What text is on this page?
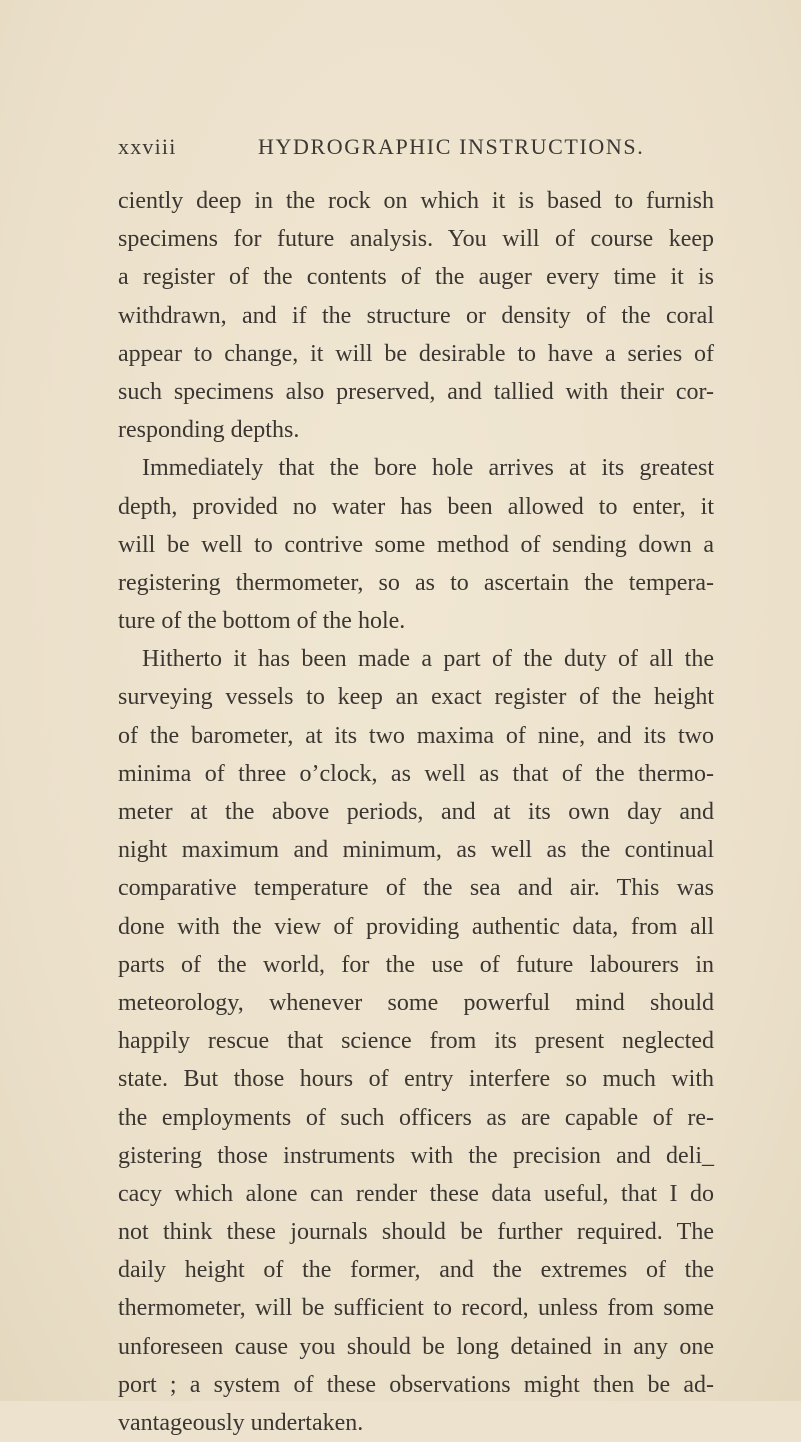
xxviii	HYDROGRAPHIC INSTRUCTIONS.
ciently deep in the rock on which it is based to furnish
specimens for future analysis. You will of course keep
a register of the contents of the auger every time it is
withdrawn, and if the structure or density of the coral
appear to change, it will be desirable to have a series of
such specimens also preserved, and tallied with their cor-
responding depths.
Immediately that the bore hole arrives at its greatest
depth, provided no water has been allowed to enter, it
will be well to contrive some method of sending down a
registering thermometer, so as to ascertain the tempera-
ture of the bottom of the hole.
Hitherto it has been made a part of the duty of all the
surveying vessels to keep an exact register of the height
of the barometer, at its two maxima of nine, and its two
minima of three o’clock, as well as that of the thermo-
meter at the above periods, and at its own day and
night maximum and minimum, as well as the continual
comparative temperature of the sea and air. This was
done with the view of providing authentic data, from all
parts of the world, for the use of future labourers in
meteorology, whenever some powerful mind should
happily rescue that science from its present neglected
state. But those hours of entry interfere so much with
the employments of such officers as are capable of re-
gistering those instruments with the precision and deli_
cacy which alone can render these data useful, that I do
not think these journals should be further required. The
daily height of the former, and the extremes of the
thermometer, will be sufficient to record, unless from some
unforeseen cause you should be long detained in any one
port ; a system of these observations might then be ad-
vantageously undertaken.
